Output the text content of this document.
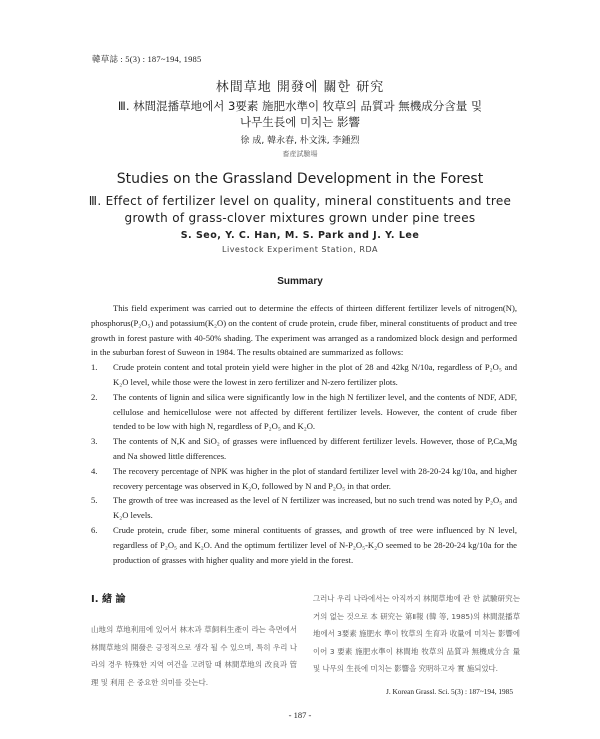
韓草誌 : 5(3) : 187~194, 1985
林間草地 開發에 關한 研究
Ⅲ. 林間混播草地에서 3要素 施肥水準이 牧草의 品質과 無機成分含量 및
나무生長에 미치는 影響
徐 成, 韓永春, 朴文洙, 李鍾烈
畜産試驗場
Studies on the Grassland Development in the Forest
Ⅲ. Effect of fertilizer level on quality, mineral constituents and tree
growth of grass-clover mixtures grown under pine trees
S. Seo, Y. C. Han, M. S. Park and J. Y. Lee
Livestock Experiment Station, RDA
Summary

This field experiment was carried out to determine the effects of thirteen different fertilizer levels of nitrogen(N), phosphorus(P₂O₅) and potassium(K₂O) on the content of crude protein, crude fiber, mineral constituents of product and tree growth in forest pasture with 40-50% shading. The experiment was arranged as a randomized block design and performed in the suburban forest of Suweon in 1984. The results obtained are summarized as follows:

1. Crude protein content and total protein yield were higher in the plot of 28 and 42kg N/10a, regardless of P₂O₅ and K₂O level, while those were the lowest in zero fertilizer and N-zero fertilizer plots.
2. The contents of lignin and silica were significantly low in the high N fertilizer level, and the contents of NDF, ADF, cellulose and hemicellulose were not affected by different fertilizer levels. However, the content of crude fiber tended to be low with high N, regardless of P₂O₅ and K₂O.
3. The contents of N,K and SiO₂ of grasses were influenced by different fertilizer levels. However, those of P,Ca,Mg and Na showed little differences.
4. The recovery percentage of NPK was higher in the plot of standard fertilizer level with 28-20-24 kg/10a, and higher recovery percentage was observed in K₂O, followed by N and P₂O₅ in that order.
5. The growth of tree was increased as the level of N fertilizer was increased, but no such trend was noted by P₂O₅ and K₂O levels.
6. Crude protein, crude fiber, some mineral contituents of grasses, and growth of tree were influenced by N level, regardless of P₂O₅ and K₂O. And the optimum fertilizer level of N-P₂O₅-K₂O seemed to be 28-20-24 kg/10a for the production of grasses with higher quality and more yield in the forest.
Ⅰ. 緖 論

山地의 草地利用에 있어서 林木과 草飼料生產이 라는 측면에서 林間草地의 開發은 긍정적으로 생각 될 수 있으며, 특히 우리 나라의 경우 特殊한 지역 여건을 고려할 때 林間草地의 改良과 管理 및 利用 은 중요한 의미를 갖는다.

그러나 우리 나라에서는 아직까지 林間草地에 관 한 試驗研究는 거의 없는 것으로 本 研究는 第Ⅱ報 (韓 等, 1985)의 林間混播草地에서 3要素 施肥水 準이 牧草의 生育과 收量에 미치는 影響에 이어 3 要素 施肥水準이 林間地 牧草의 品質과 無機成分含 量 및 나무의 生長에 미치는 影響을 究明하고자 實 施되었다.

J. Korean Grassl. Sci. 5(3) : 187~194, 1985
- 187 -
